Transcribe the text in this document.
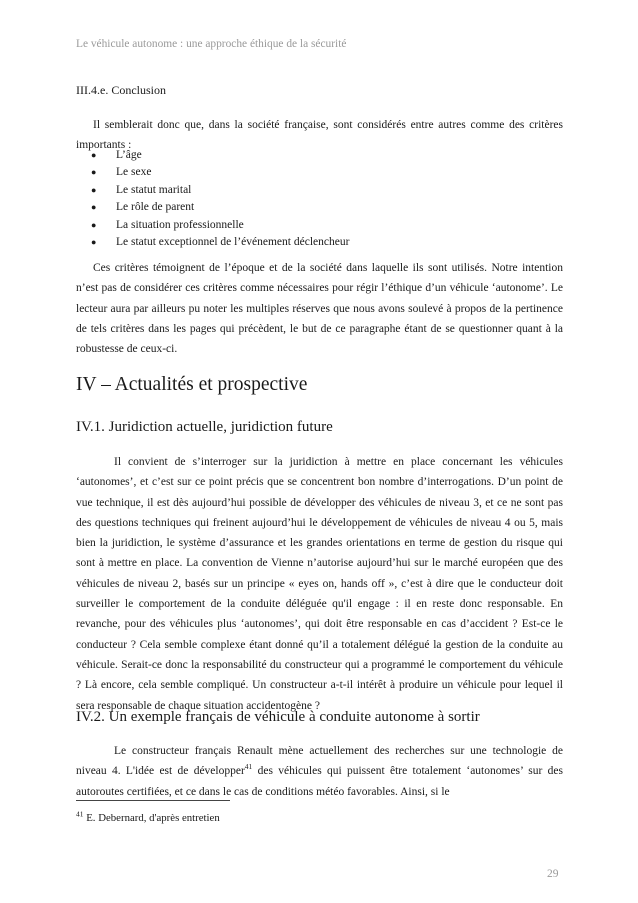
Le véhicule autonome : une approche éthique de la sécurité
III.4.e. Conclusion

Il semblerait donc que, dans la société française, sont considérés entre autres comme des critères importants :

● L’âge
● Le sexe
● Le statut marital
● Le rôle de parent
● La situation professionnelle
● Le statut exceptionnel de l’événement déclencheur

Ces critères témoignent de l’époque et de la société dans laquelle ils sont utilisés. Notre intention n’est pas de considérer ces critères comme nécessaires pour régir l’éthique d’un véhicule ‘autonome’. Le lecteur aura par ailleurs pu noter les multiples réserves que nous avons soulevé à propos de la pertinence de tels critères dans les pages qui précèdent, le but de ce paragraphe étant de se questionner quant à la robustesse de ceux-ci.

IV – Actualités et prospective
IV.1. Juridiction actuelle, juridiction future

Il convient de s’interroger sur la juridiction à mettre en place concernant les véhicules ‘autonomes’, et c’est sur ce point précis que se concentrent bon nombre d’interrogations. D’un point de vue technique, il est dès aujourd’hui possible de développer des véhicules de niveau 3, et ce ne sont pas des questions techniques qui freinent aujourd’hui le développement de véhicules de niveau 4 ou 5, mais bien la juridiction, le système d’assurance et les grandes orientations en terme de gestion du risque qui sont à mettre en place. La convention de Vienne n’autorise aujourd’hui sur le marché européen que des véhicules de niveau 2, basés sur un principe « eyes on, hands off », c’est à dire que le conducteur doit surveiller le comportement de la conduite déléguée qu'il engage : il en reste donc responsable. En revanche, pour des véhicules plus ‘autonomes’, qui doit être responsable en cas d’accident ? Est-ce le conducteur ? Cela semble complexe étant donné qu’il a totalement délégué la gestion de la conduite au véhicule. Serait-ce donc la responsabilité du constructeur qui a programmé le comportement du véhicule ? Là encore, cela semble compliqué. Un constructeur a-t-il intérêt à produire un véhicule pour lequel il sera responsable de chaque situation accidentogène ?

IV.2. Un exemple français de véhicule à conduite autonome à sortir

Le constructeur français Renault mène actuellement des recherches sur une technologie de niveau 4. L'idée est de développer$^{41}$ des véhicules qui puissent être totalement ‘autonomes’ sur des autoroutes certifiées, et ce dans le cas de conditions météo favorables. Ainsi, si le

$^{41}$ E. Debernard, d'après entretien
29
